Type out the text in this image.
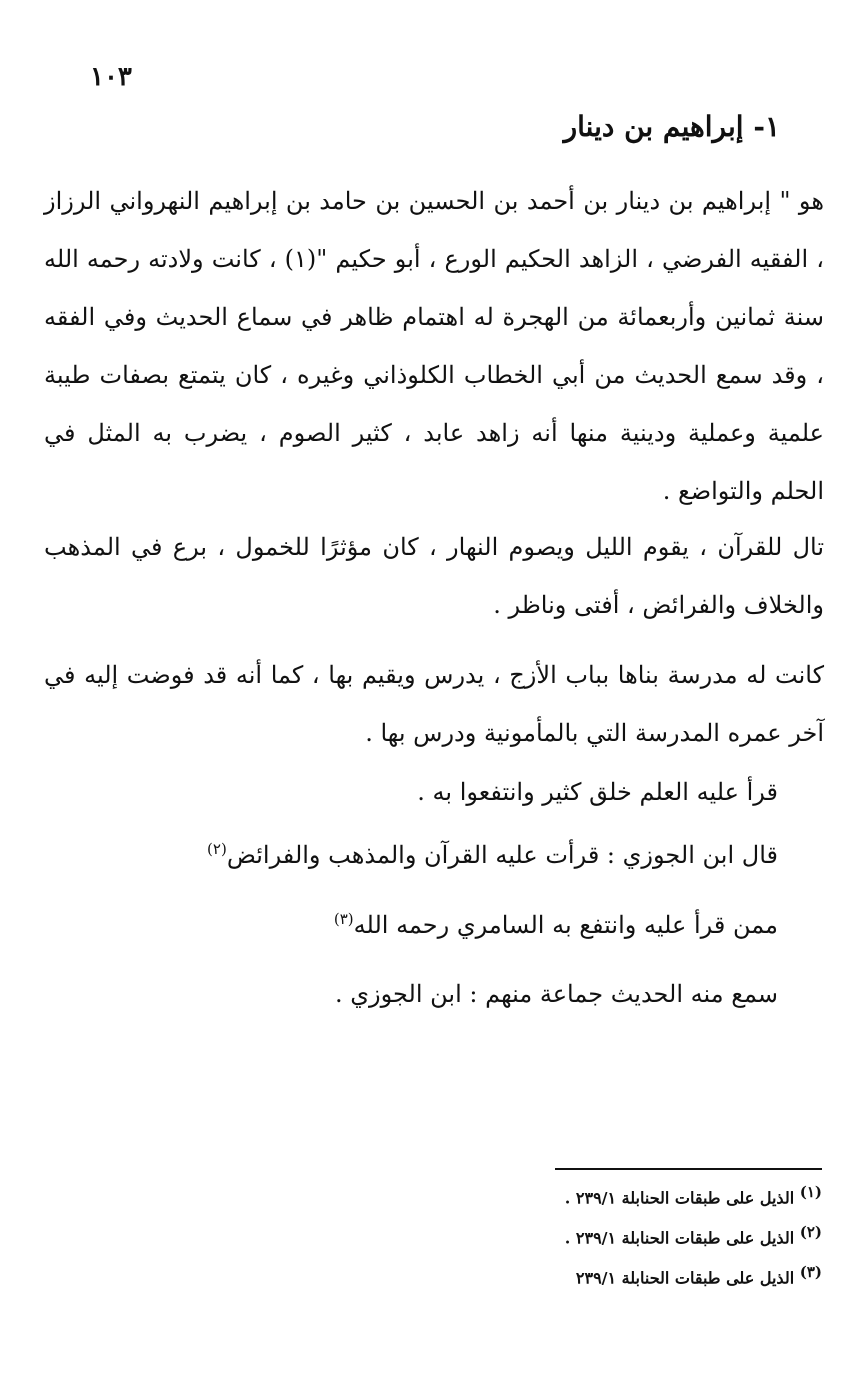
١٠٣
١- إبراهيم بن دينار

هو " إبراهيم بن دينار بن أحمد بن الحسين بن حامد بن إبراهيم النهرواني الرزاز ، الفقيه الفرضي ، الزاهد الحكيم الورع ، أبو حكيم "(١) ، كانت ولادته رحمه الله سنة ثمانين وأربعمائة من الهجرة له اهتمام ظاهر في سماع الحديث وفي الفقه ، وقد سمع الحديث من أبي الخطاب الكلوذاني وغيره ، كان يتمتع بصفات طيبة علمية وعملية ودينية منها أنه زاهد عابد ، كثير الصوم ، يضرب به المثل في الحلم والتواضع .

تال للقرآن ، يقوم الليل ويصوم النهار ، كان مؤثرًا للخمول ، برع في المذهب والخلاف والفرائض ، أفتى وناظر .

كانت له مدرسة بناها بباب الأزج ، يدرس ويقيم بها ، كما أنه قد فوضت إليه في آخر عمره المدرسة التي بالمأمونية ودرس بها .

قرأ عليه العلم خلق كثير وانتفعوا به .

قال ابن الجوزي : قرأت عليه القرآن والمذهب والفرائض$^{(٢)}$

ممن قرأ عليه وانتفع به السامري رحمه الله$^{(٣)}$

سمع منه الحديث جماعة منهم : ابن الجوزي .

$^{(١)}$ الذيل على طبقات الحنابلة ٢٣٩/١ .

$^{(٢)}$ الذيل على طبقات الحنابلة ٢٣٩/١ .

$^{(٣)}$ الذيل على طبقات الحنابلة ٢٣٩/١
